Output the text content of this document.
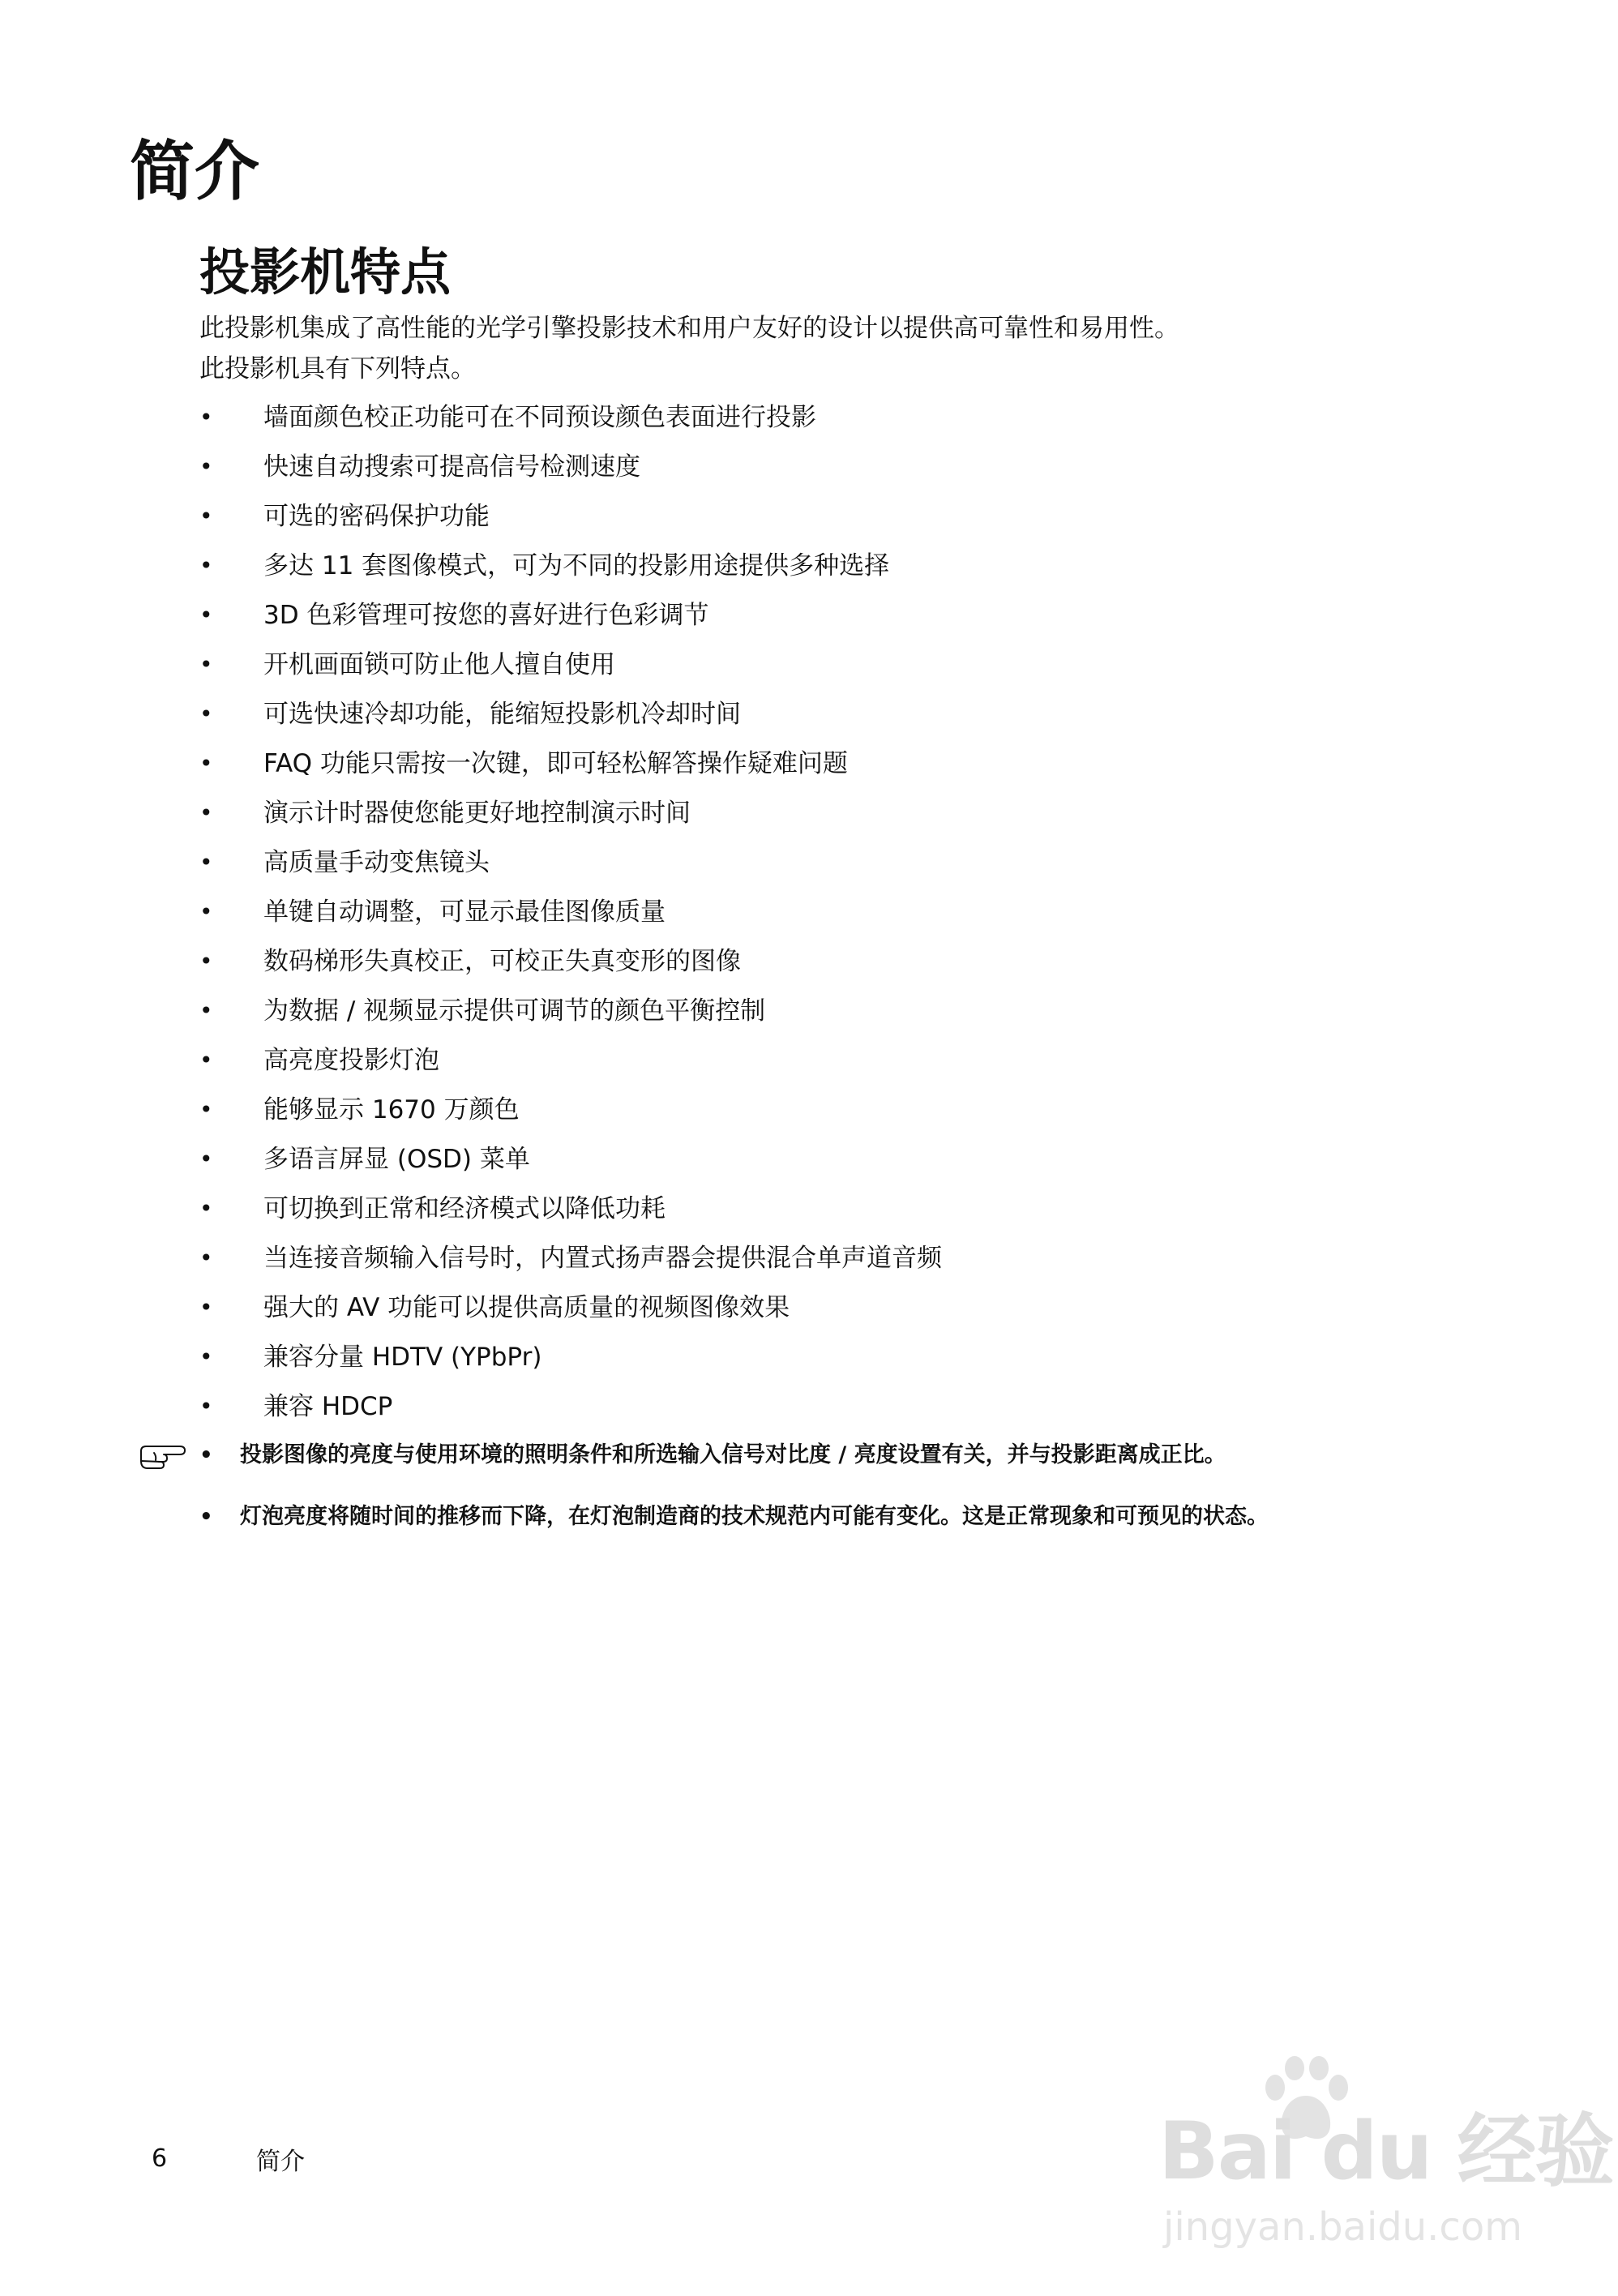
简介
投影机特点

此投影机集成了高性能的光学引擎投影技术和用户友好的设计以提供高可靠性和易用性。

此投影机具有下列特点。

• 墙面颜色校正功能可在不同预设颜色表面进行投影
• 快速自动搜索可提高信号检测速度
• 可选的密码保护功能
• 多达 11 套图像模式，可为不同的投影用途提供多种选择
• 3D 色彩管理可按您的喜好进行色彩调节
• 开机画面锁可防止他人擅自使用
• 可选快速冷却功能，能缩短投影机冷却时间
• FAQ 功能只需按一次键，即可轻松解答操作疑难问题
• 演示计时器使您能更好地控制演示时间
• 高质量手动变焦镜头
• 单键自动调整，可显示最佳图像质量
• 数码梯形失真校正，可校正失真变形的图像
• 为数据 / 视频显示提供可调节的颜色平衡控制
• 高亮度投影灯泡
• 能够显示 1670 万颜色
• 多语言屏显 (OSD) 菜单
• 可切换到正常和经济模式以降低功耗
• 当连接音频输入信号时，内置式扬声器会提供混合单声道音频
• 强大的 AV 功能可以提供高质量的视频图像效果
• 兼容分量 HDTV (YPbPr)
• 兼容 HDCP
• 投影图像的亮度与使用环境的照明条件和所选输入信号对比度 / 亮度设置有关，并与投影距离成正比。
• 灯泡亮度将随时间的推移而下降，在灯泡制造商的技术规范内可能有变化。这是正常现象和可预见的状态。
6	简介	Bai du 经验
jingyan.baidu.com
